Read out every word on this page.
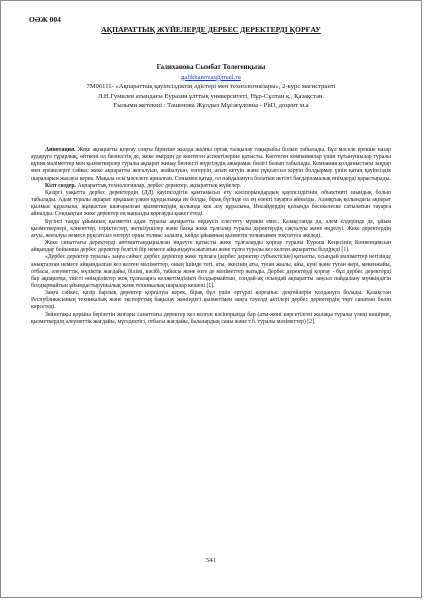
ОӘЖ 004
АҚПАРАТТЫҚ ЖҮЙЕЛЕРДЕ ДЕРБЕС ДЕРЕКТЕРДІ ҚОРҒАУ
Галиханова Сымбат Толегенқызы
galikhanovas@mail.ru
7М06111- «Ақпараттық қауіпсіздіктің әдістері мен технологиялары», 2-курс магистранті
Л.Н.Гумилев атындағы Еуразия ұлттық университеті, Нұр-Сұлтан қ., Қазақстан.
Ғылыми жетекші : Ташенова Жұлдыз Мұсағұловна - PhD, доцент м.а

Аннотация. Жеке ақпаратты қорғау соңғы бірнеше жылда жалпы ортақ талқылау тақырыбы болып табылады. Бұл мәселе ерекше назар аударуға тұрарлық, өйткені ол бизнестің де, жеке өмірдің де көптеген аспектілеріне қатысты. Көптеген компаниялар үшін тұтынушылар туралы құпия мәліметтер мен қызметкерлер туралы ақпарат жинау бизнесті жүргізудің ажырамас бөлігі болып табылады. Компания қолданыстағы заңдар мен ережелерге сәйкес жеке ақпаратты жоғалуын, жойылуын, өзгеруін, ағып кетуін және рұқсатсыз кіруін болдырмау үшін қатаң қауіпсіздік шараларын жасауы керек. Мақала осы мәселеге арналған. Сонымен қатар, ол пайдалануға болатын негізгі бағдарламалық өнімдерді қарастырады.

Кілт сөздер. Ақпараттық технологиялар, дербес деректер, ақпараттық жүйелер.

Қазіргі уақытта дербес деректердің (ДД) қауіпсіздігін қамтамасыз ету кәсіпорындардың қауіпсіздігінің объективті шындық болып табылады. Адам туралы ақпарат әрқашан үлкен құндылыққа ие болды, бірақ бүгінде ол ең өзекті тауарға айналды. Алаяқтық қолындағы ақпарат қылмыс құралына, жұмыстан шығарылған қызметкердің қолында кек алу құралына, Инсайдердің қолында бәсекелеске сатылатын тауарға айналды. Сондықтан жеке деректер ең маңызды қорғауды қажет етеді.

Бүгінгі таңда ұйымның қызметін адам туралы ақпаратты өңдеусіз елестету мүмкін емес. Қазақстанда да, әлем елдерінде де, ұйым қызметкерлері, клиенттер, серіктестер, жеткізушілер және басқа жеке тұлғалар туралы деректердің сақталуы және өңделуі. Жеке деректердің ағуы, жоғалуы немесе рұқсатсыз өзгеруі орны толмас залалға, кейде ұйымның қызметін толығымен тоқтатуға әкеледі.

Жеке сипаттағы деректерді автоматтандырылған өңдеуге қатысты жеке тұлғаларды қорғау туралы Еуропа Кеңесінің Конвенциясын айқындау бойынша дербес деректер белгілі бір немесе айқындауға жататын жеке тұлға туралы кез келген ақпаратты білдіреді [1].

«Дербес деректер туралы» заңға сәйкес дербес деректер жеке тұлғаға (дербес деректер субъектісіне) қатысты, осындай мәліметтер негізінде анықталған немесе айқындалған кез келген мәліметтер, оның ішінде тегі, аты, әкесінің аты, туған жылы, айы, күні және туған жері, мекенжайы, отбасы, әлеуметтік, мүліктік жағдайы, білімі, кәсібі, табысы және өзге де мәліметтер жатады. Дербес деректерді қорғау - бұл дербес деректерді бар ақпаратқа, тиісті өнімділіктер жоқ тұлғаларға колжетімділікті болдырмайтын, сондай-ақ осындай ақпаратты заңсыз пайдалану мүмкіндігін болдырмайтын ұйымдастырушылық және техникалық шаралар кешені [1].

Заңға сәйкес, қазір барлық деректер қорғалуы керек, бірақ бұл үшін әртүрлі қорғаныс деңгейлерін қолдануға болады. Қазақстан Республикасының техникалық және экспорттық бақылау жөніндегі қызметімен заңға тәуелді актілері дербес деректердің төрт санатын бөліп көрсетеді.

Зейнетақы қорына берілетін жоғары санаттағы деректер кез келген кәсіпорында бар (аты-жөні көрсетілген жалақы туралы үлеңі көшірме, қызметкердің әлеуметтік жағдайы, мүгедектігі, отбасы жағдайы, балалардың саны және т.б. туралы мәліметтер) [2].

541
